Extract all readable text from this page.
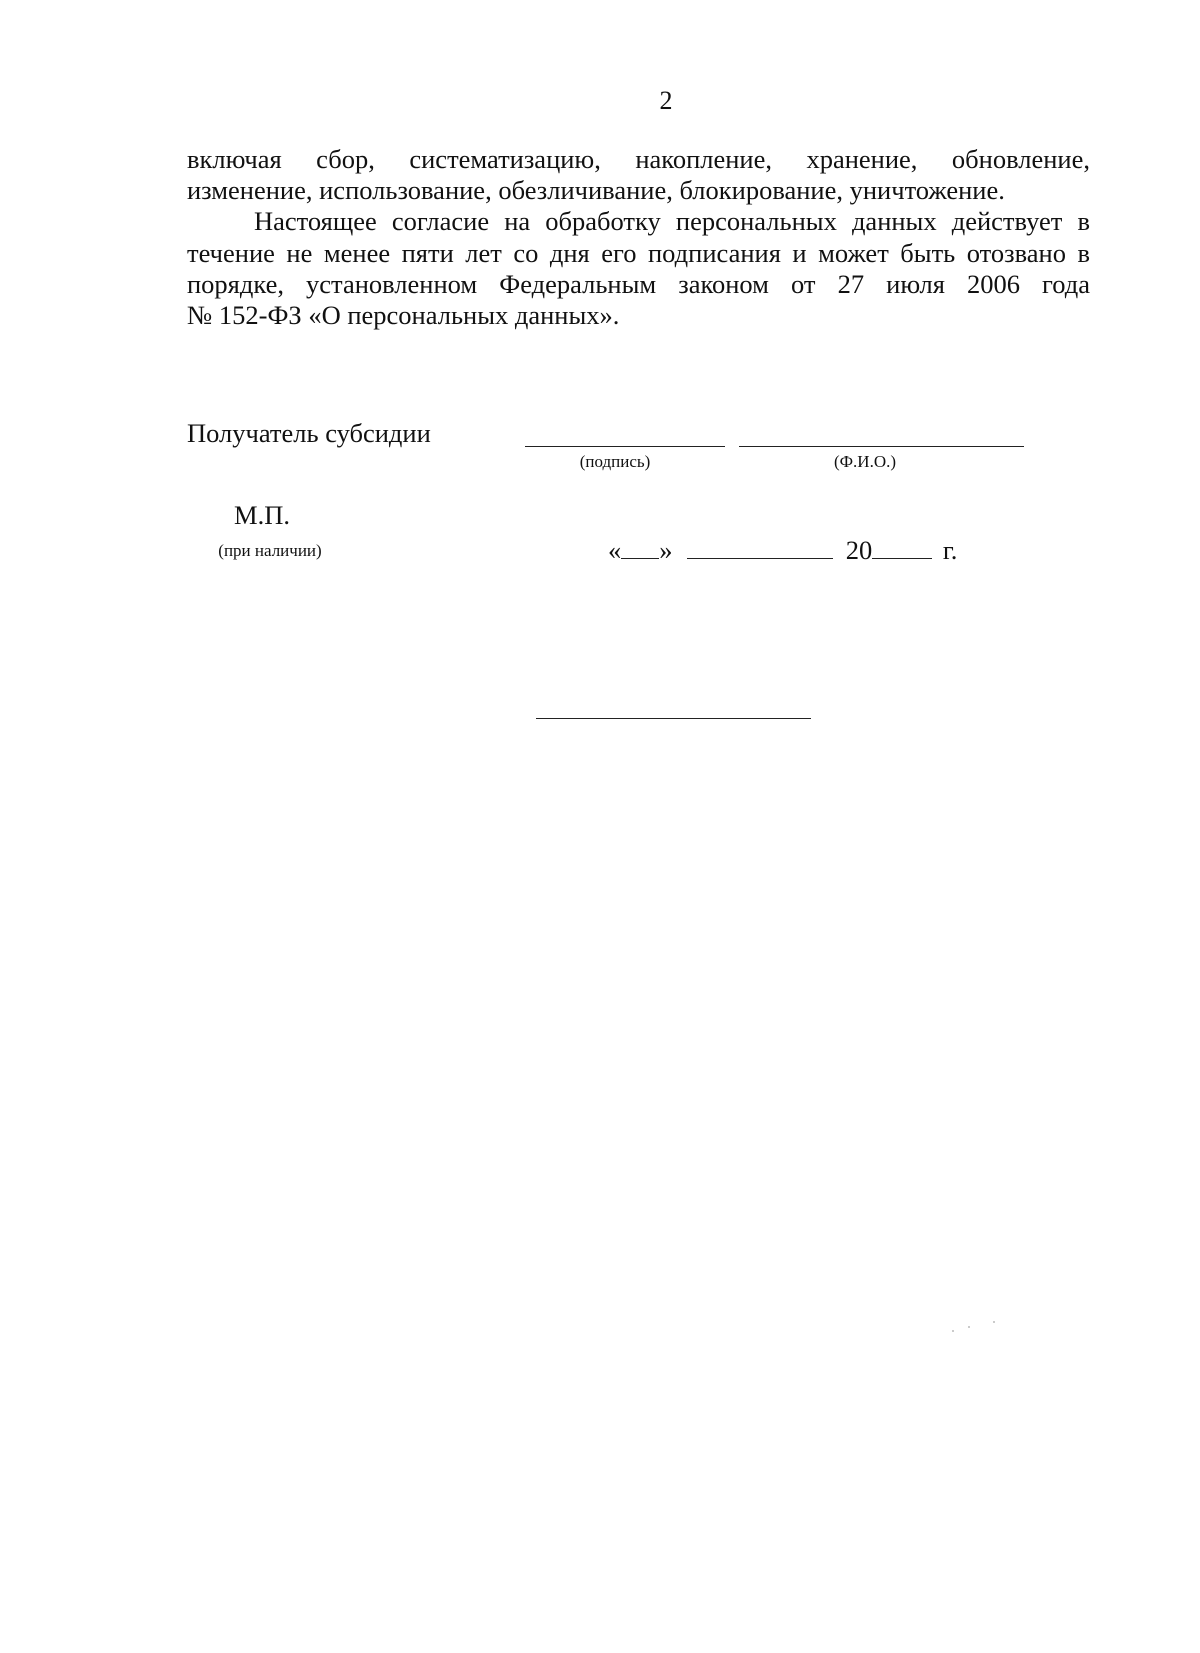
2

включая сбор, систематизацию, накопление, хранение, обновление,
изменение, использование, обезличивание, блокирование, уничтожение.

Настоящее согласие на обработку персональных данных действует в
течение не менее пяти лет со дня его подписания и может быть отозвано в
порядке, установленном Федеральным законом от 27 июля 2006 года
№ 152-ФЗ «О персональных данных».

Получатель субсидии
(подпись)	(Ф.И.О.)
М.П.
(при наличии)	« »	20	г.
